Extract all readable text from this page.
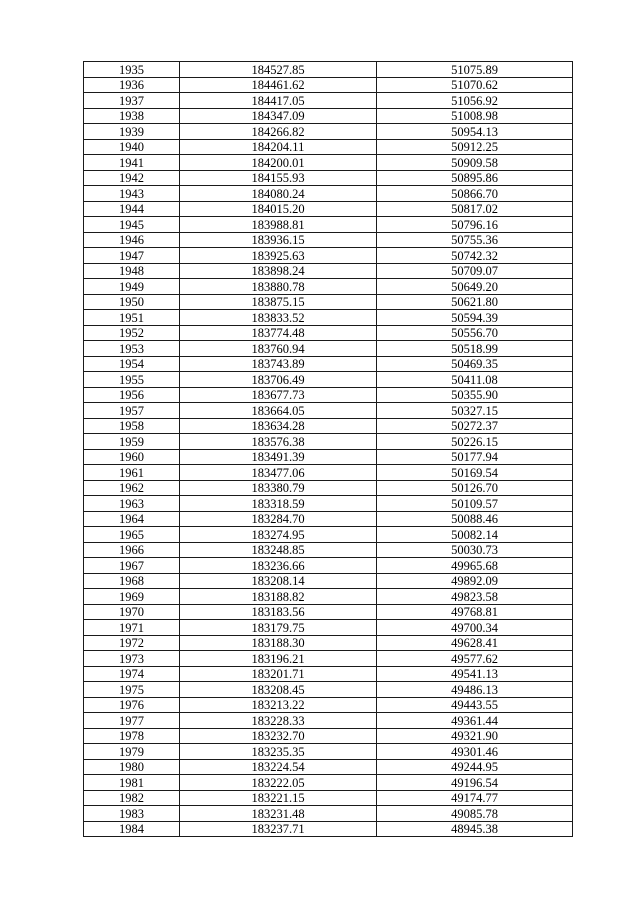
1935	184527.85	51075.89
1936	184461.62	51070.62
1937	184417.05	51056.92
1938	184347.09	51008.98
1939	184266.82	50954.13
1940	184204.11	50912.25
1941	184200.01	50909.58
1942	184155.93	50895.86
1943	184080.24	50866.70
1944	184015.20	50817.02
1945	183988.81	50796.16
1946	183936.15	50755.36
1947	183925.63	50742.32
1948	183898.24	50709.07
1949	183880.78	50649.20
1950	183875.15	50621.80
1951	183833.52	50594.39
1952	183774.48	50556.70
1953	183760.94	50518.99
1954	183743.89	50469.35
1955	183706.49	50411.08
1956	183677.73	50355.90
1957	183664.05	50327.15
1958	183634.28	50272.37
1959	183576.38	50226.15
1960	183491.39	50177.94
1961	183477.06	50169.54
1962	183380.79	50126.70
1963	183318.59	50109.57
1964	183284.70	50088.46
1965	183274.95	50082.14
1966	183248.85	50030.73
1967	183236.66	49965.68
1968	183208.14	49892.09
1969	183188.82	49823.58
1970	183183.56	49768.81
1971	183179.75	49700.34
1972	183188.30	49628.41
1973	183196.21	49577.62
1974	183201.71	49541.13
1975	183208.45	49486.13
1976	183213.22	49443.55
1977	183228.33	49361.44
1978	183232.70	49321.90
1979	183235.35	49301.46
1980	183224.54	49244.95
1981	183222.05	49196.54
1982	183221.15	49174.77
1983	183231.48	49085.78
1984	183237.71	48945.38
